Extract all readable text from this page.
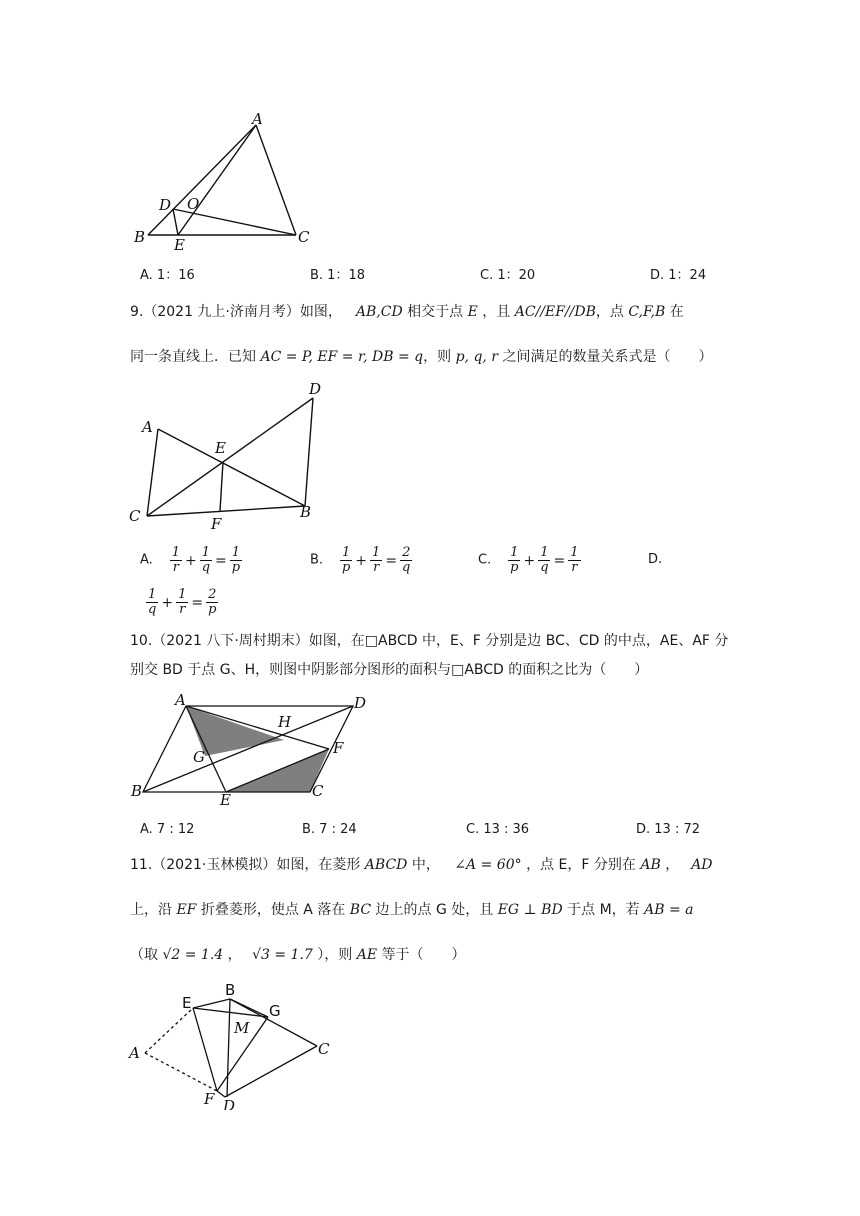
A
D O
B E	C
A. 1：16	B. 1：18	C. 1：20	D. 1：24
9.（2021 九上·济南月考）如图， AB,CD 相交于点 E ，且 AC//EF//DB，点 C,F,B 在
同一条直线上．已知 AC = P, EF = r, DB = q，则 p, q, r 之间满足的数量关系式是（　　）
A
D
E
C	F
B
A. $\frac{1}{r} + \frac{1}{q} = \frac{1}{p}$	B. $\frac{1}{p} + \frac{1}{r} = \frac{2}{q}$	C. $\frac{1}{p} + \frac{1}{q} = \frac{1}{r}$	D.
$\frac{1}{q} + \frac{1}{r} = \frac{2}{p}$
10.（2021 八下·周村期末）如图，在□ABCD 中，E、F 分别是边 BC、CD 的中点，AE、AF 分
别交 BD 于点 G、H，则图中阴影部分图形的面积与□ABCD 的面积之比为（　　）
A	D
H
F
G
B	E	C
A. 7 : 12	B. 7 : 24	C. 13 : 36	D. 13 : 72
11.（2021·玉林模拟）如图，在菱形 ABCD 中， ∠A = 60° ，点 E，F 分别在 AB ， AD
上，沿 EF 折叠菱形，使点 A 落在 BC 边上的点 G 处，且 EG ⊥ BD 于点 M，若 AB = a
（取 √2 = 1.4 ， √3 = 1.7 ），则 AE 等于（　　）
B
E	G
M
A	C
F D
